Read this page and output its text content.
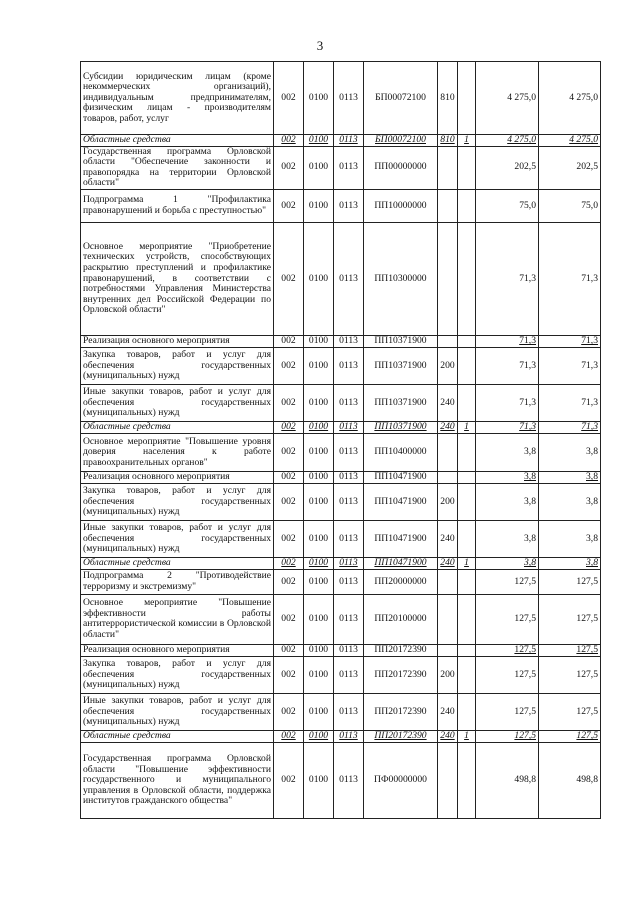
3
Субсидии юридическим лицам (кроме некоммерческих организаций), индивидуальным предпринимателям, физическим лицам - производителям товаров, работ, услуг	002	0100	0113	БП00072100	810		4 275,0	4 275,0
Областные средства	002	0100	0113	БП00072100	810	1	4 275,0	4 275,0
Государственная программа Орловской области "Обеспечение законности и правопорядка на территории Орловской области"	002	0100	0113	ПП00000000			202,5	202,5
Подпрограмма 1 "Профилактика правонарушений и борьба с преступностью"	002	0100	0113	ПП10000000			75,0	75,0
Основное мероприятие "Приобретение технических устройств, способствующих раскрытию преступлений и профилактике правонарушений, в соответствии с потребностями Управления Министерства внутренних дел Российской Федерации по Орловской области"	002	0100	0113	ПП10300000			71,3	71,3
Реализация основного мероприятия	002	0100	0113	ПП10371900			71,3	71,3
Закупка товаров, работ и услуг для обеспечения государственных (муниципальных) нужд	002	0100	0113	ПП10371900	200		71,3	71,3
Иные закупки товаров, работ и услуг для обеспечения государственных (муниципальных) нужд	002	0100	0113	ПП10371900	240		71,3	71,3
Областные средства	002	0100	0113	ПП10371900	240	1	71,3	71,3
Основное мероприятие "Повышение уровня доверия населения к работе правоохранительных органов"	002	0100	0113	ПП10400000			3,8	3,8
Реализация основного мероприятия	002	0100	0113	ПП10471900			3,8	3,8
Закупка товаров, работ и услуг для обеспечения государственных (муниципальных) нужд	002	0100	0113	ПП10471900	200		3,8	3,8
Иные закупки товаров, работ и услуг для обеспечения государственных (муниципальных) нужд	002	0100	0113	ПП10471900	240		3,8	3,8
Областные средства	002	0100	0113	ПП10471900	240	1	3,8	3,8
Подпрограмма 2 "Противодействие терроризму и экстремизму"	002	0100	0113	ПП20000000			127,5	127,5
Основное мероприятие "Повышение эффективности работы антитеррористической комиссии в Орловской области"	002	0100	0113	ПП20100000			127,5	127,5
Реализация основного мероприятия	002	0100	0113	ПП20172390			127,5	127,5
Закупка товаров, работ и услуг для обеспечения государственных (муниципальных) нужд	002	0100	0113	ПП20172390	200		127,5	127,5
Иные закупки товаров, работ и услуг для обеспечения государственных (муниципальных) нужд	002	0100	0113	ПП20172390	240		127,5	127,5
Областные средства	002	0100	0113	ПП20172390	240	1	127,5	127,5
Государственная программа Орловской области "Повышение эффективности государственного и муниципального управления в Орловской области, поддержка институтов гражданского общества"	002	0100	0113	ПФ00000000			498,8	498,8
